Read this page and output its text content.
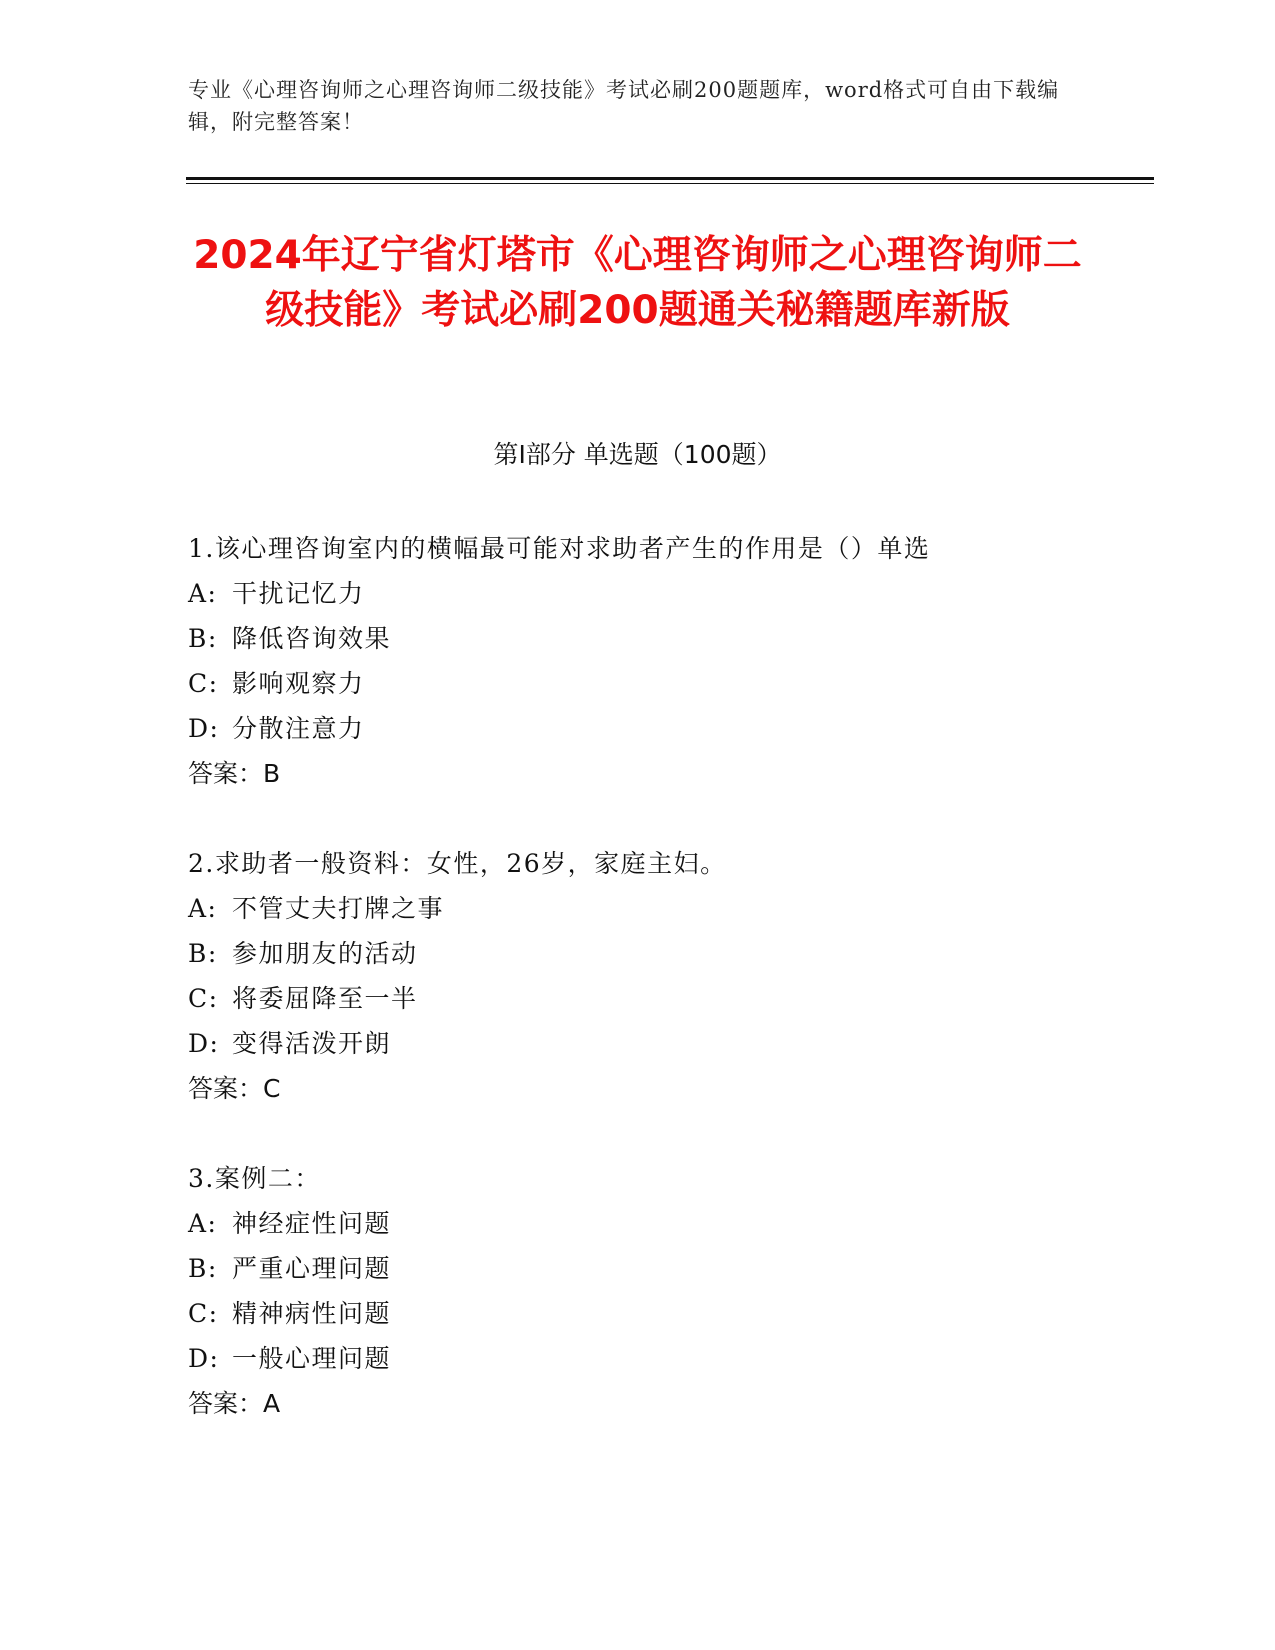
专业《心理咨询师之心理咨询师二级技能》考试必刷200题题库，word格式可自由下载编辑，附完整答案！
2024年辽宁省灯塔市《心理咨询师之心理咨询师二级技能》考试必刷200题通关秘籍题库新版
第Ⅰ部分 单选题（100题）
1.该心理咨询室内的横幅最可能对求助者产生的作用是（）单选
A: 干扰记忆力
B: 降低咨询效果
C: 影响观察力
D: 分散注意力
答案：B
2.求助者一般资料：女性，26岁，家庭主妇。
A: 不管丈夫打牌之事
B: 参加朋友的活动
C: 将委屈降至一半
D: 变得活泼开朗
答案：C
3.案例二：
A: 神经症性问题
B: 严重心理问题
C: 精神病性问题
D: 一般心理问题
答案：A
